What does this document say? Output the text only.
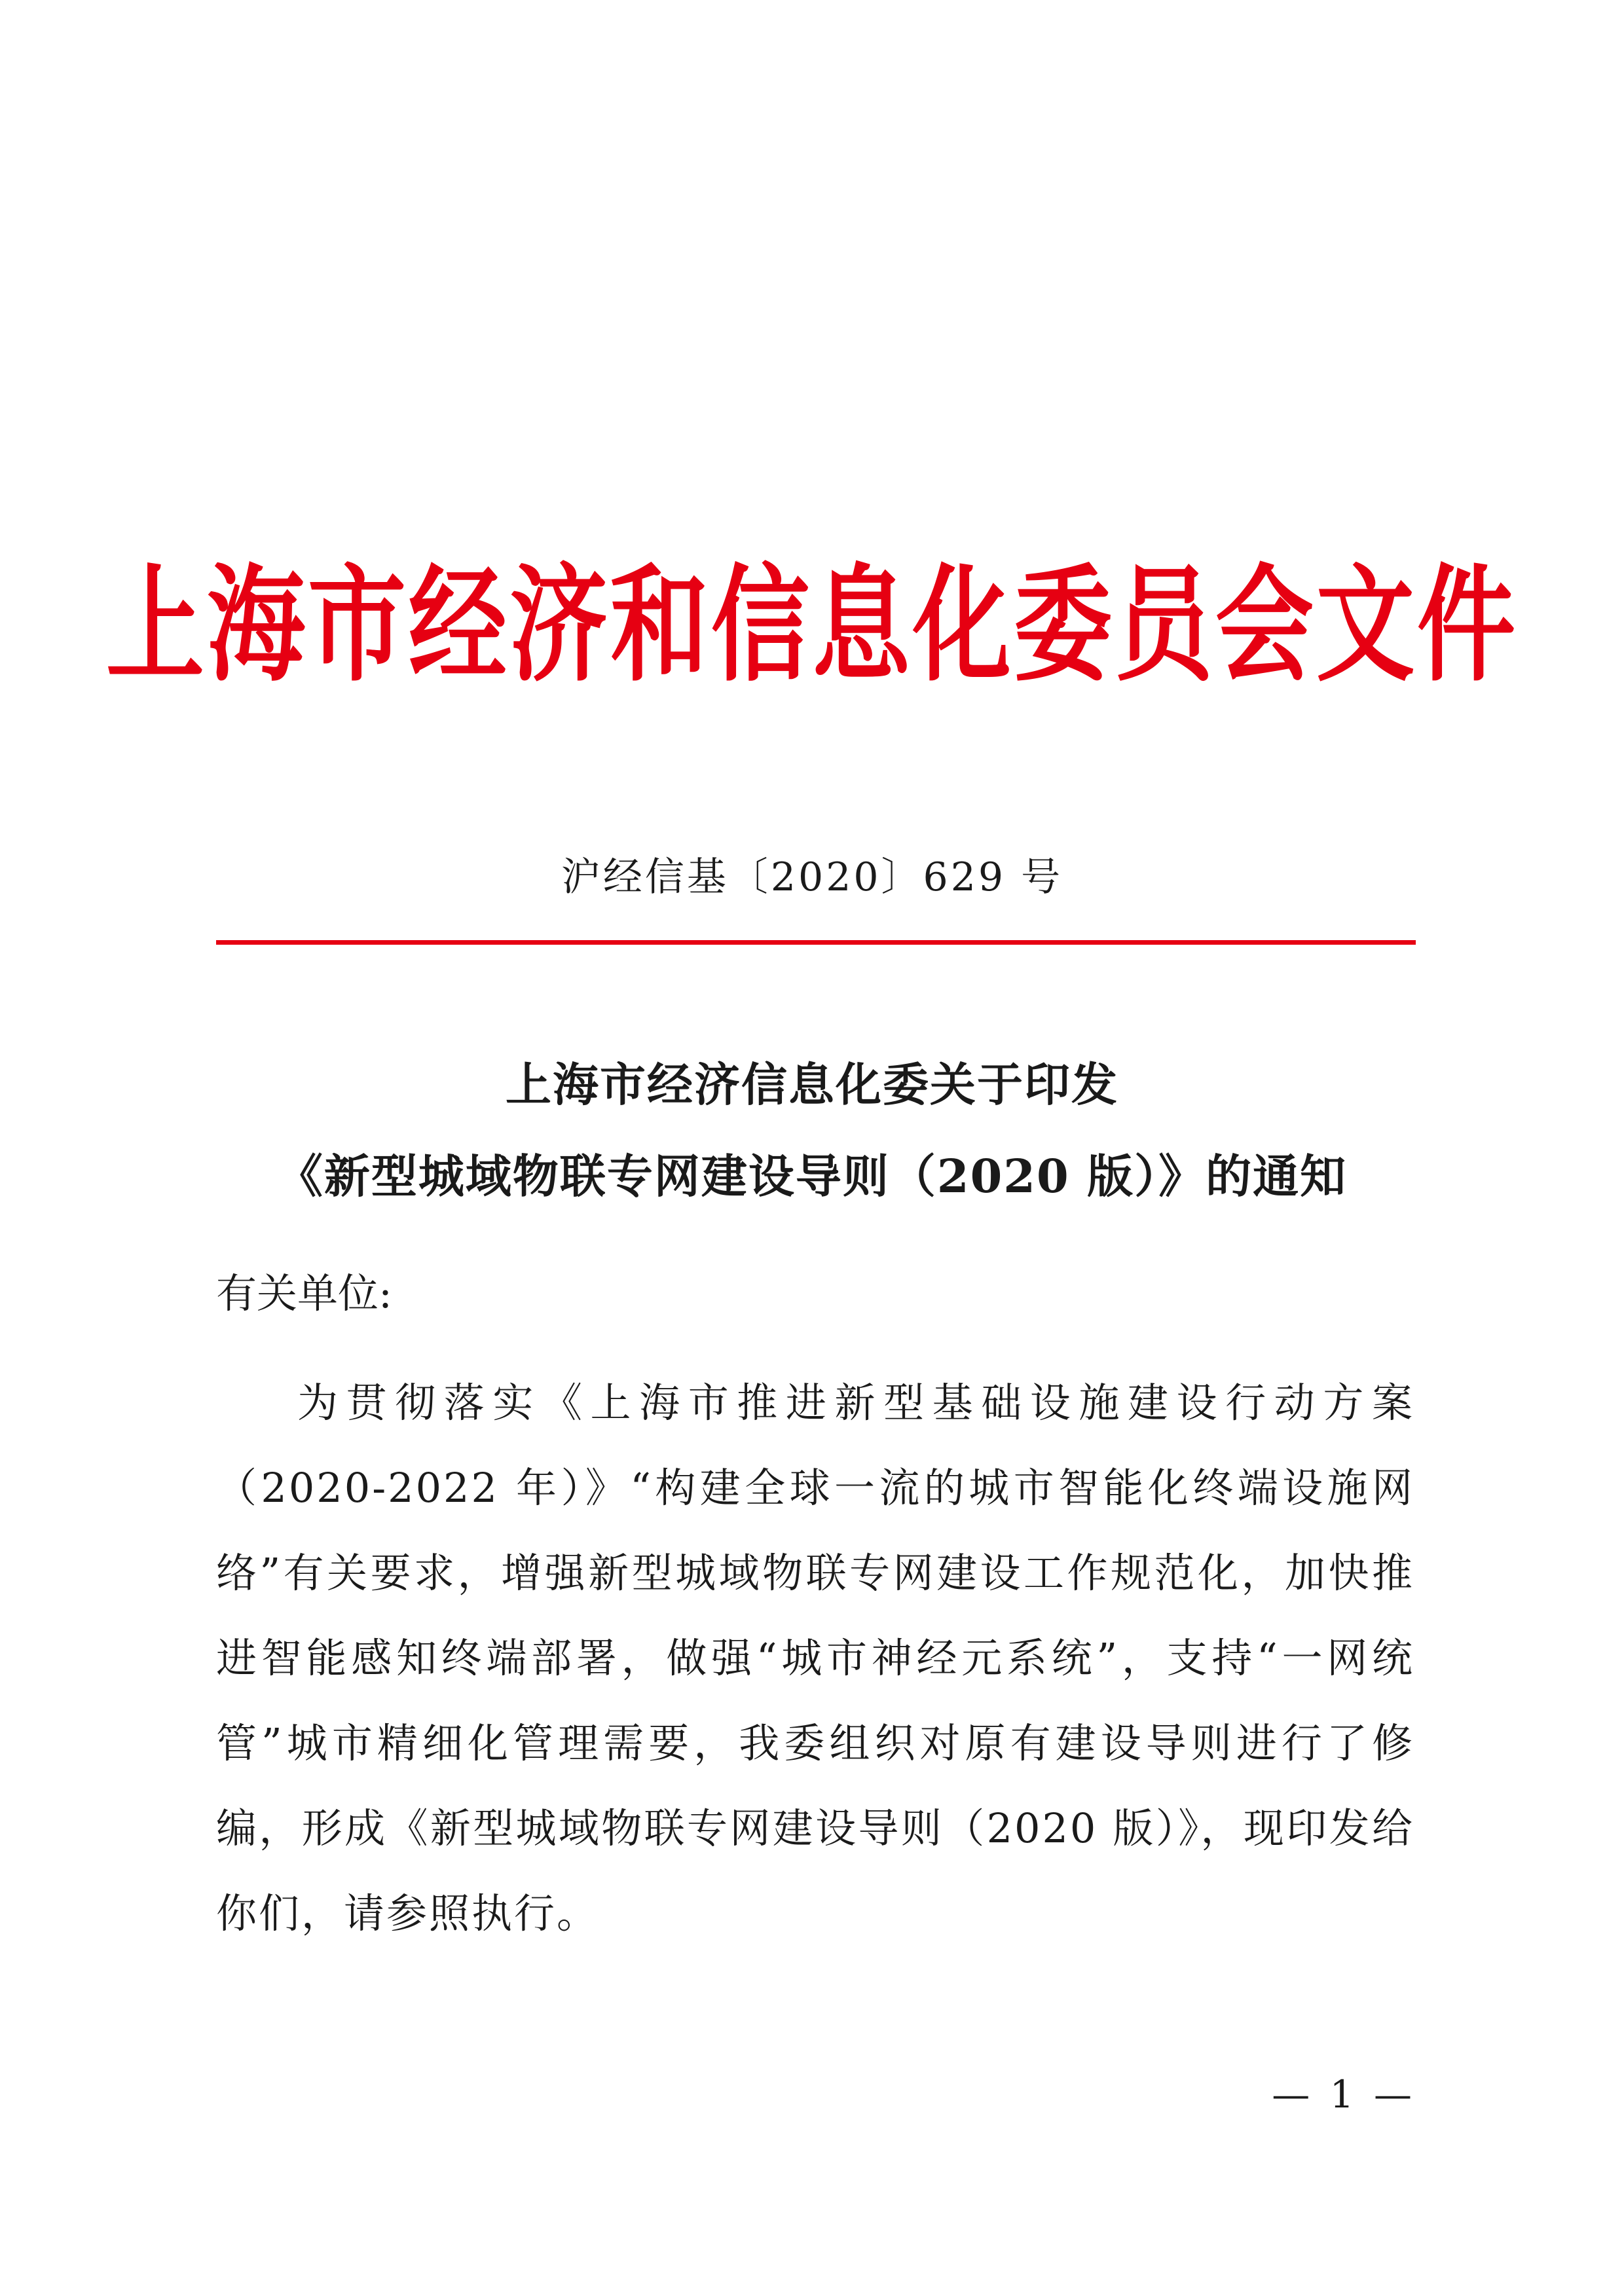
上海市经济和信息化委员会文件
沪经信基〔2020〕629 号
上海市经济信息化委关于印发
《新型城域物联专网建设导则（2020 版）》的通知
有关单位:

为贯彻落实《上海市推进新型基础设施建设行动方案（2020-2022 年）》“构建全球一流的城市智能化终端设施网络”有关要求，增强新型城域物联专网建设工作规范化，加快推进智能感知终端部署，做强“城市神经元系统”，支持“一网统管”城市精细化管理需要，我委组织对原有建设导则进行了修编，形成《新型城域物联专网建设导则（2020 版）》，现印发给你们，请参照执行。

— 1 —
